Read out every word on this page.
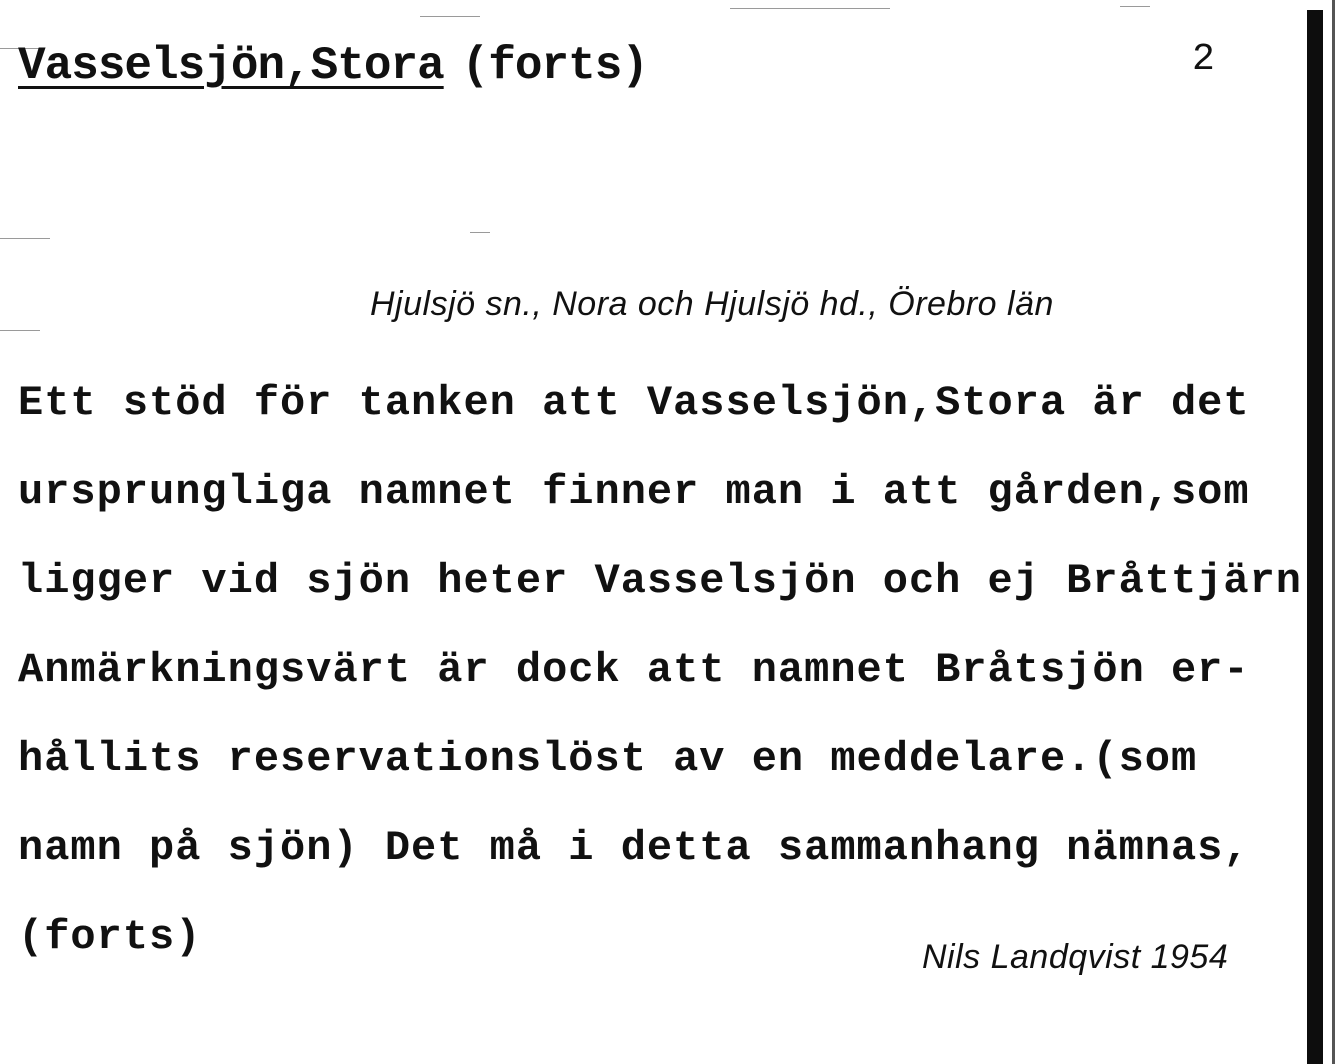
Vasselsjön,Stora (forts)	2
Hjulsjö sn., Nora och Hjulsjö hd., Örebro län
Ett stöd för tanken att Vasselsjön,Stora är det
ursprungliga namnet finner man i att gården,som
ligger vid sjön heter Vasselsjön och ej Bråttjärn
Anmärkningsvärt är dock att namnet Bråtsjön er-
hållits reservationslöst av en meddelare.(som
namn på sjön) Det må i detta sammanhang nämnas,
(forts)	Nils Landqvist 1954
